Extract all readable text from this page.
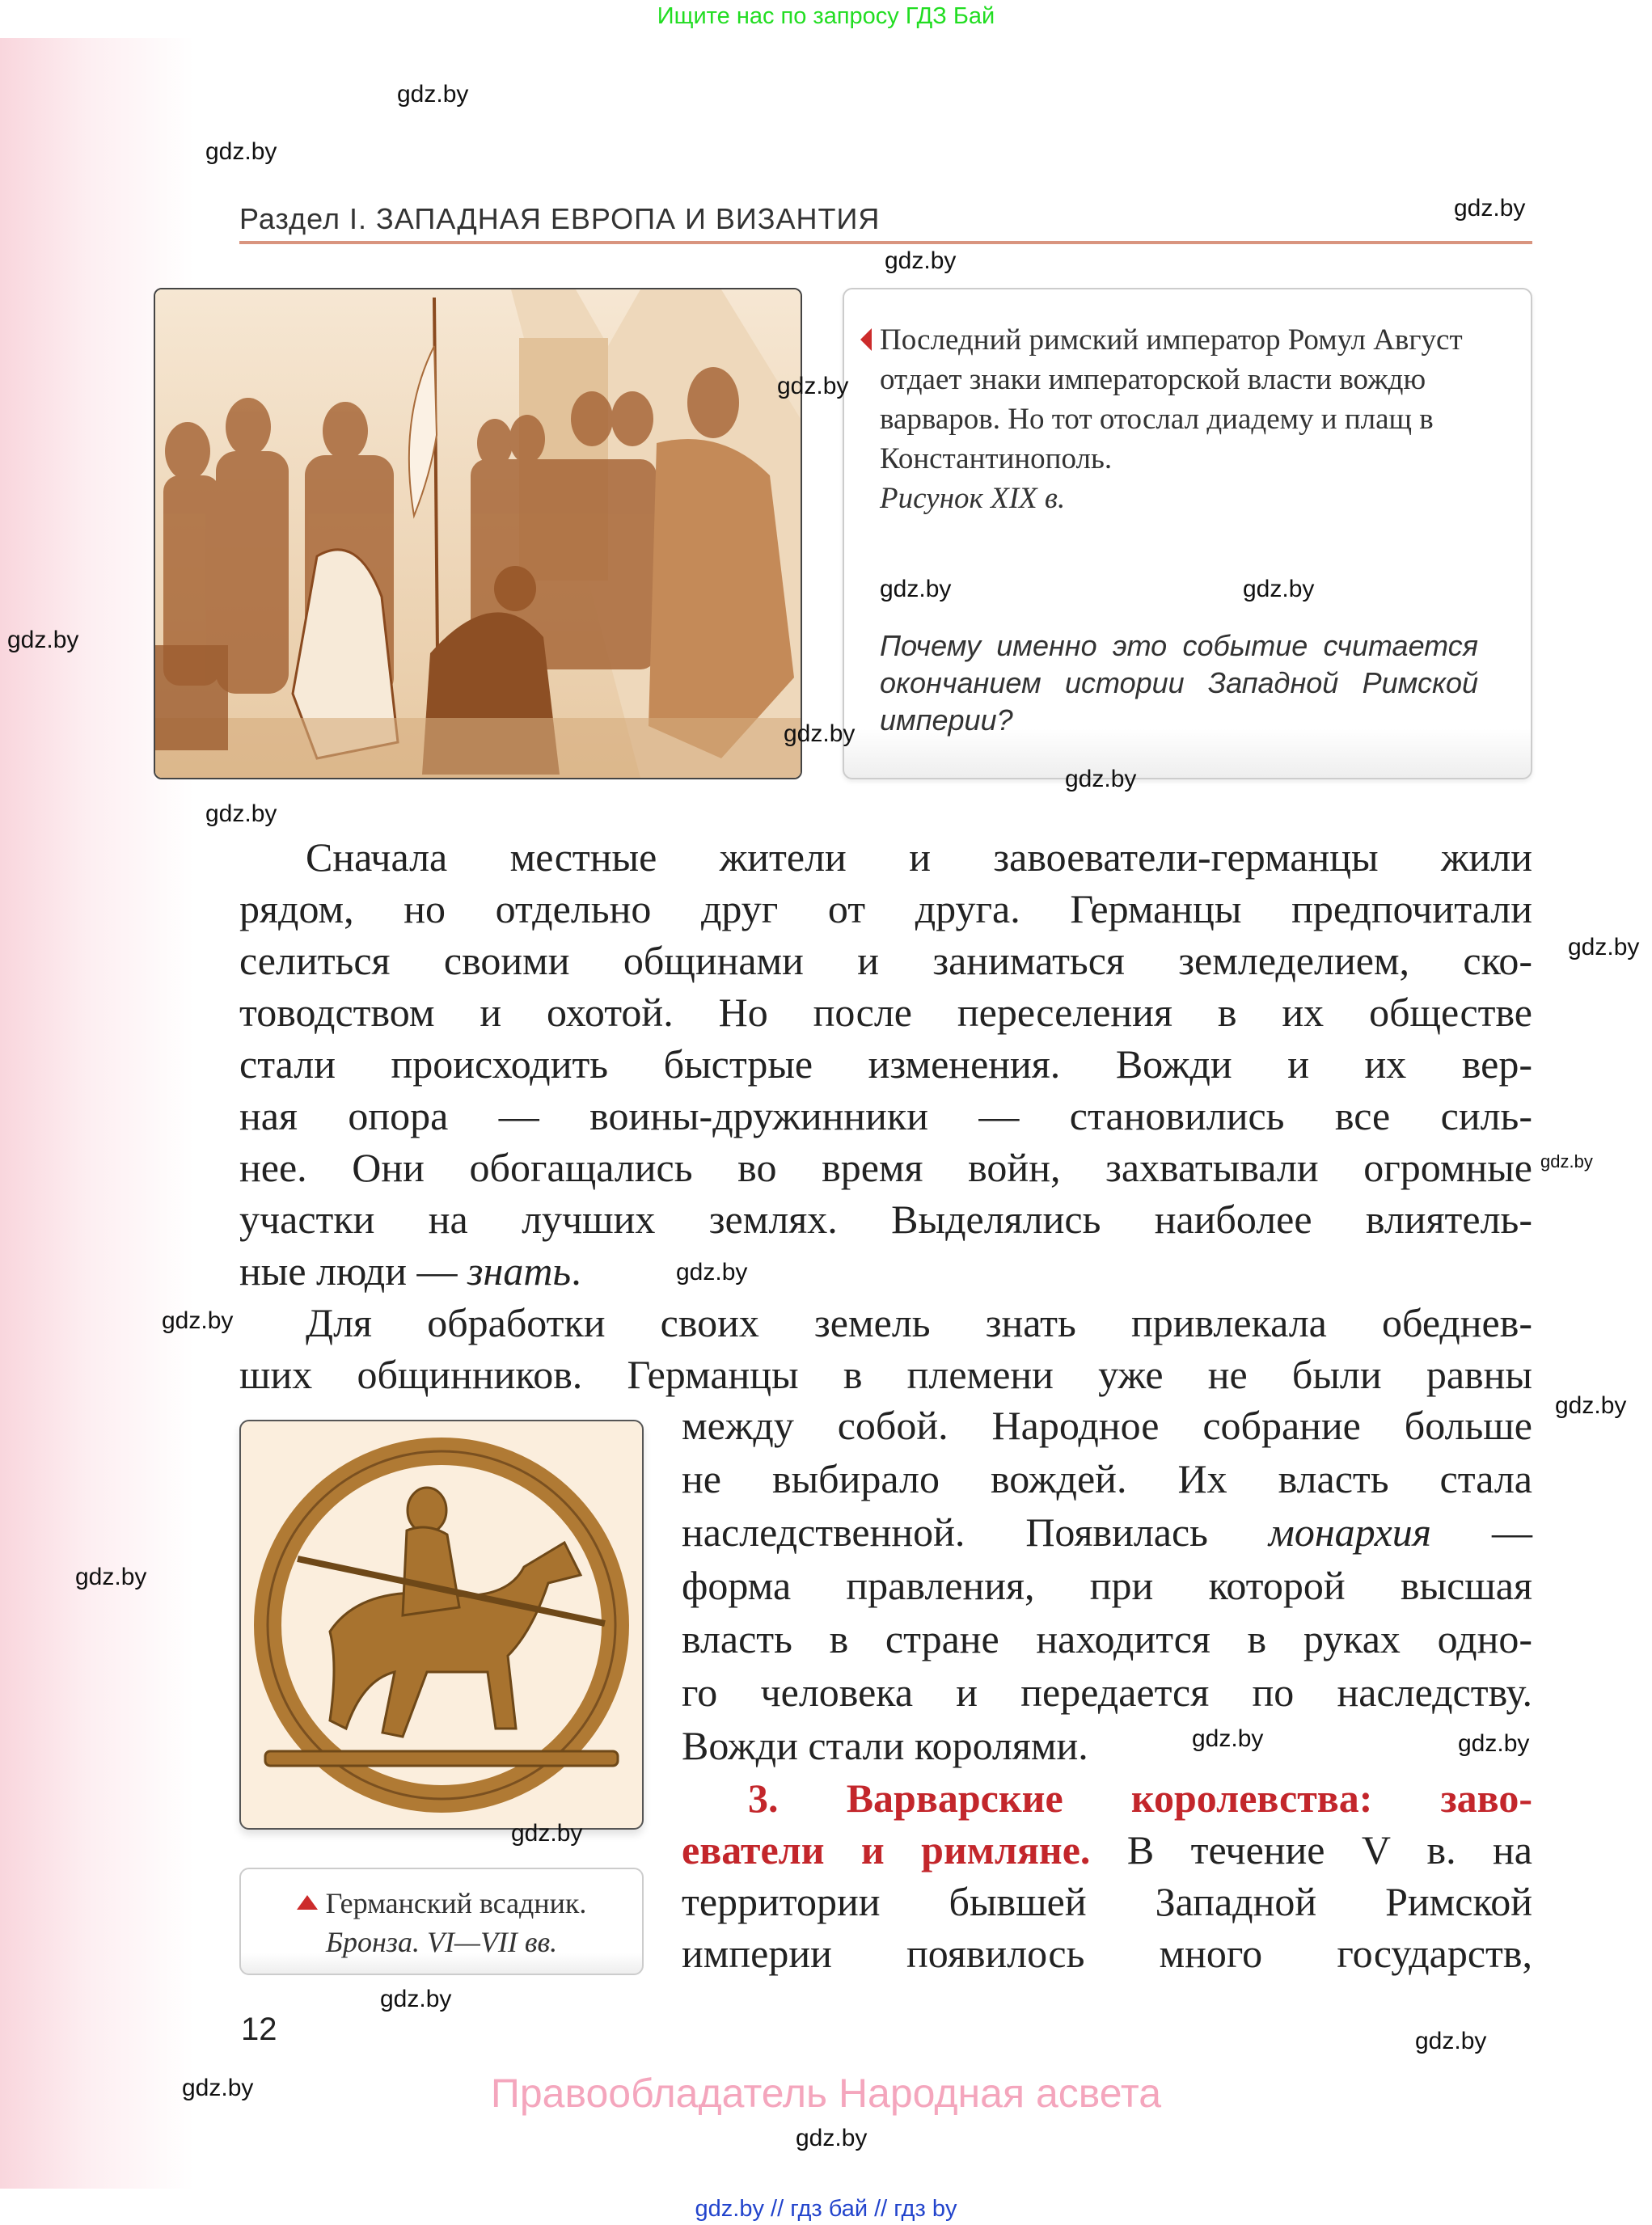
Ищите нас по запросу ГДЗ Бай
Раздел I. ЗАПАДНАЯ ЕВРОПА И ВИЗАНТИЯ
Последний римский император Ромул Август отдает знаки императорской власти вождю варваров. Но тот отослал диадему и плащ в Константинополь.
Рисунок XIX в.
Почему именно это событие считается окончанием истории Западной Римской империи?
Сначала местные жители и завоеватели-германцы жили
рядом, но отдельно друг от друга. Германцы предпочитали
селиться своими общинами и заниматься земледелием, ско-
товодством и охотой. Но после переселения в их обществе
стали происходить быстрые изменения. Вожди и их вер-
ная опора — воины-дружинники — становились все силь-
нее. Они обогащались во время войн, захватывали огромные
участки на лучших землях. Выделялись наиболее влиятель-
ные люди — знать.
Для обработки своих земель знать привлекала обеднев-
ших общинников. Германцы в племени уже не были равны
между собой. Народное собрание больше
не выбирало вождей. Их власть стала
наследственной. Появилась монархия —
форма правления, при которой высшая
власть в стране находится в руках одно-
го человека и передается по наследству.
Вожди стали королями.
3. Варварские королевства: заво-
еватели и римляне. В течение V в. на
территории бывшей Западной Римской
империи появилось много государств,
Германский всадник.
Бронза. VI—VII вв.
12
Правообладатель Народная асвета
gdz.by // гдз бай // гдз by
gdz.by
gdz.by
gdz.by
gdz.by
gdz.by
gdz.by
gdz.by
gdz.by
gdz.by
gdz.by
gdz.by
gdz.by
gdz.by
gdz.by
gdz.by
gdz.by
gdz.by
gdz.by	gdz.by
gdz.by
gdz.by
gdz.by
gdz.by
gdz.by
